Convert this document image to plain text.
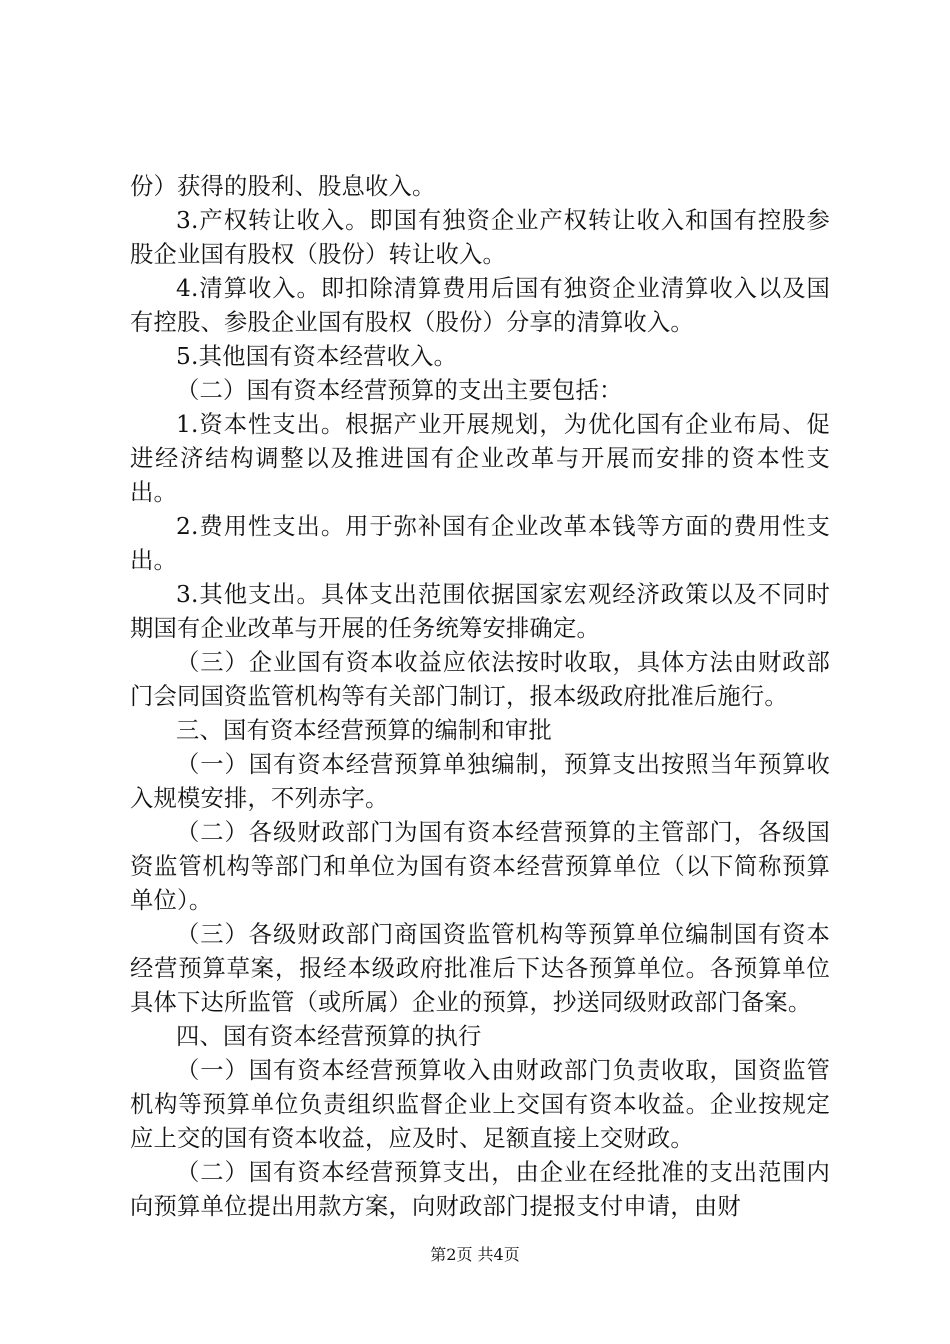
份）获得的股利、股息收入。

3.产权转让收入。即国有独资企业产权转让收入和国有控股参股企业国有股权（股份）转让收入。

4.清算收入。即扣除清算费用后国有独资企业清算收入以及国有控股、参股企业国有股权（股份）分享的清算收入。

5.其他国有资本经营收入。

（二）国有资本经营预算的支出主要包括：

1.资本性支出。根据产业开展规划，为优化国有企业布局、促进经济结构调整以及推进国有企业改革与开展而安排的资本性支出。

2.费用性支出。用于弥补国有企业改革本钱等方面的费用性支出。

3.其他支出。具体支出范围依据国家宏观经济政策以及不同时期国有企业改革与开展的任务统筹安排确定。

（三）企业国有资本收益应依法按时收取，具体方法由财政部门会同国资监管机构等有关部门制订，报本级政府批准后施行。

三、国有资本经营预算的编制和审批

（一）国有资本经营预算单独编制，预算支出按照当年预算收入规模安排，不列赤字。

（二）各级财政部门为国有资本经营预算的主管部门，各级国资监管机构等部门和单位为国有资本经营预算单位（以下简称预算单位）。

（三）各级财政部门商国资监管机构等预算单位编制国有资本经营预算草案，报经本级政府批准后下达各预算单位。各预算单位具体下达所监管（或所属）企业的预算，抄送同级财政部门备案。

四、国有资本经营预算的执行

（一）国有资本经营预算收入由财政部门负责收取，国资监管机构等预算单位负责组织监督企业上交国有资本收益。企业按规定应上交的国有资本收益，应及时、足额直接上交财政。

（二）国有资本经营预算支出，由企业在经批准的支出范围内向预算单位提出用款方案，向财政部门提报支付申请，由财

第2页 共4页
